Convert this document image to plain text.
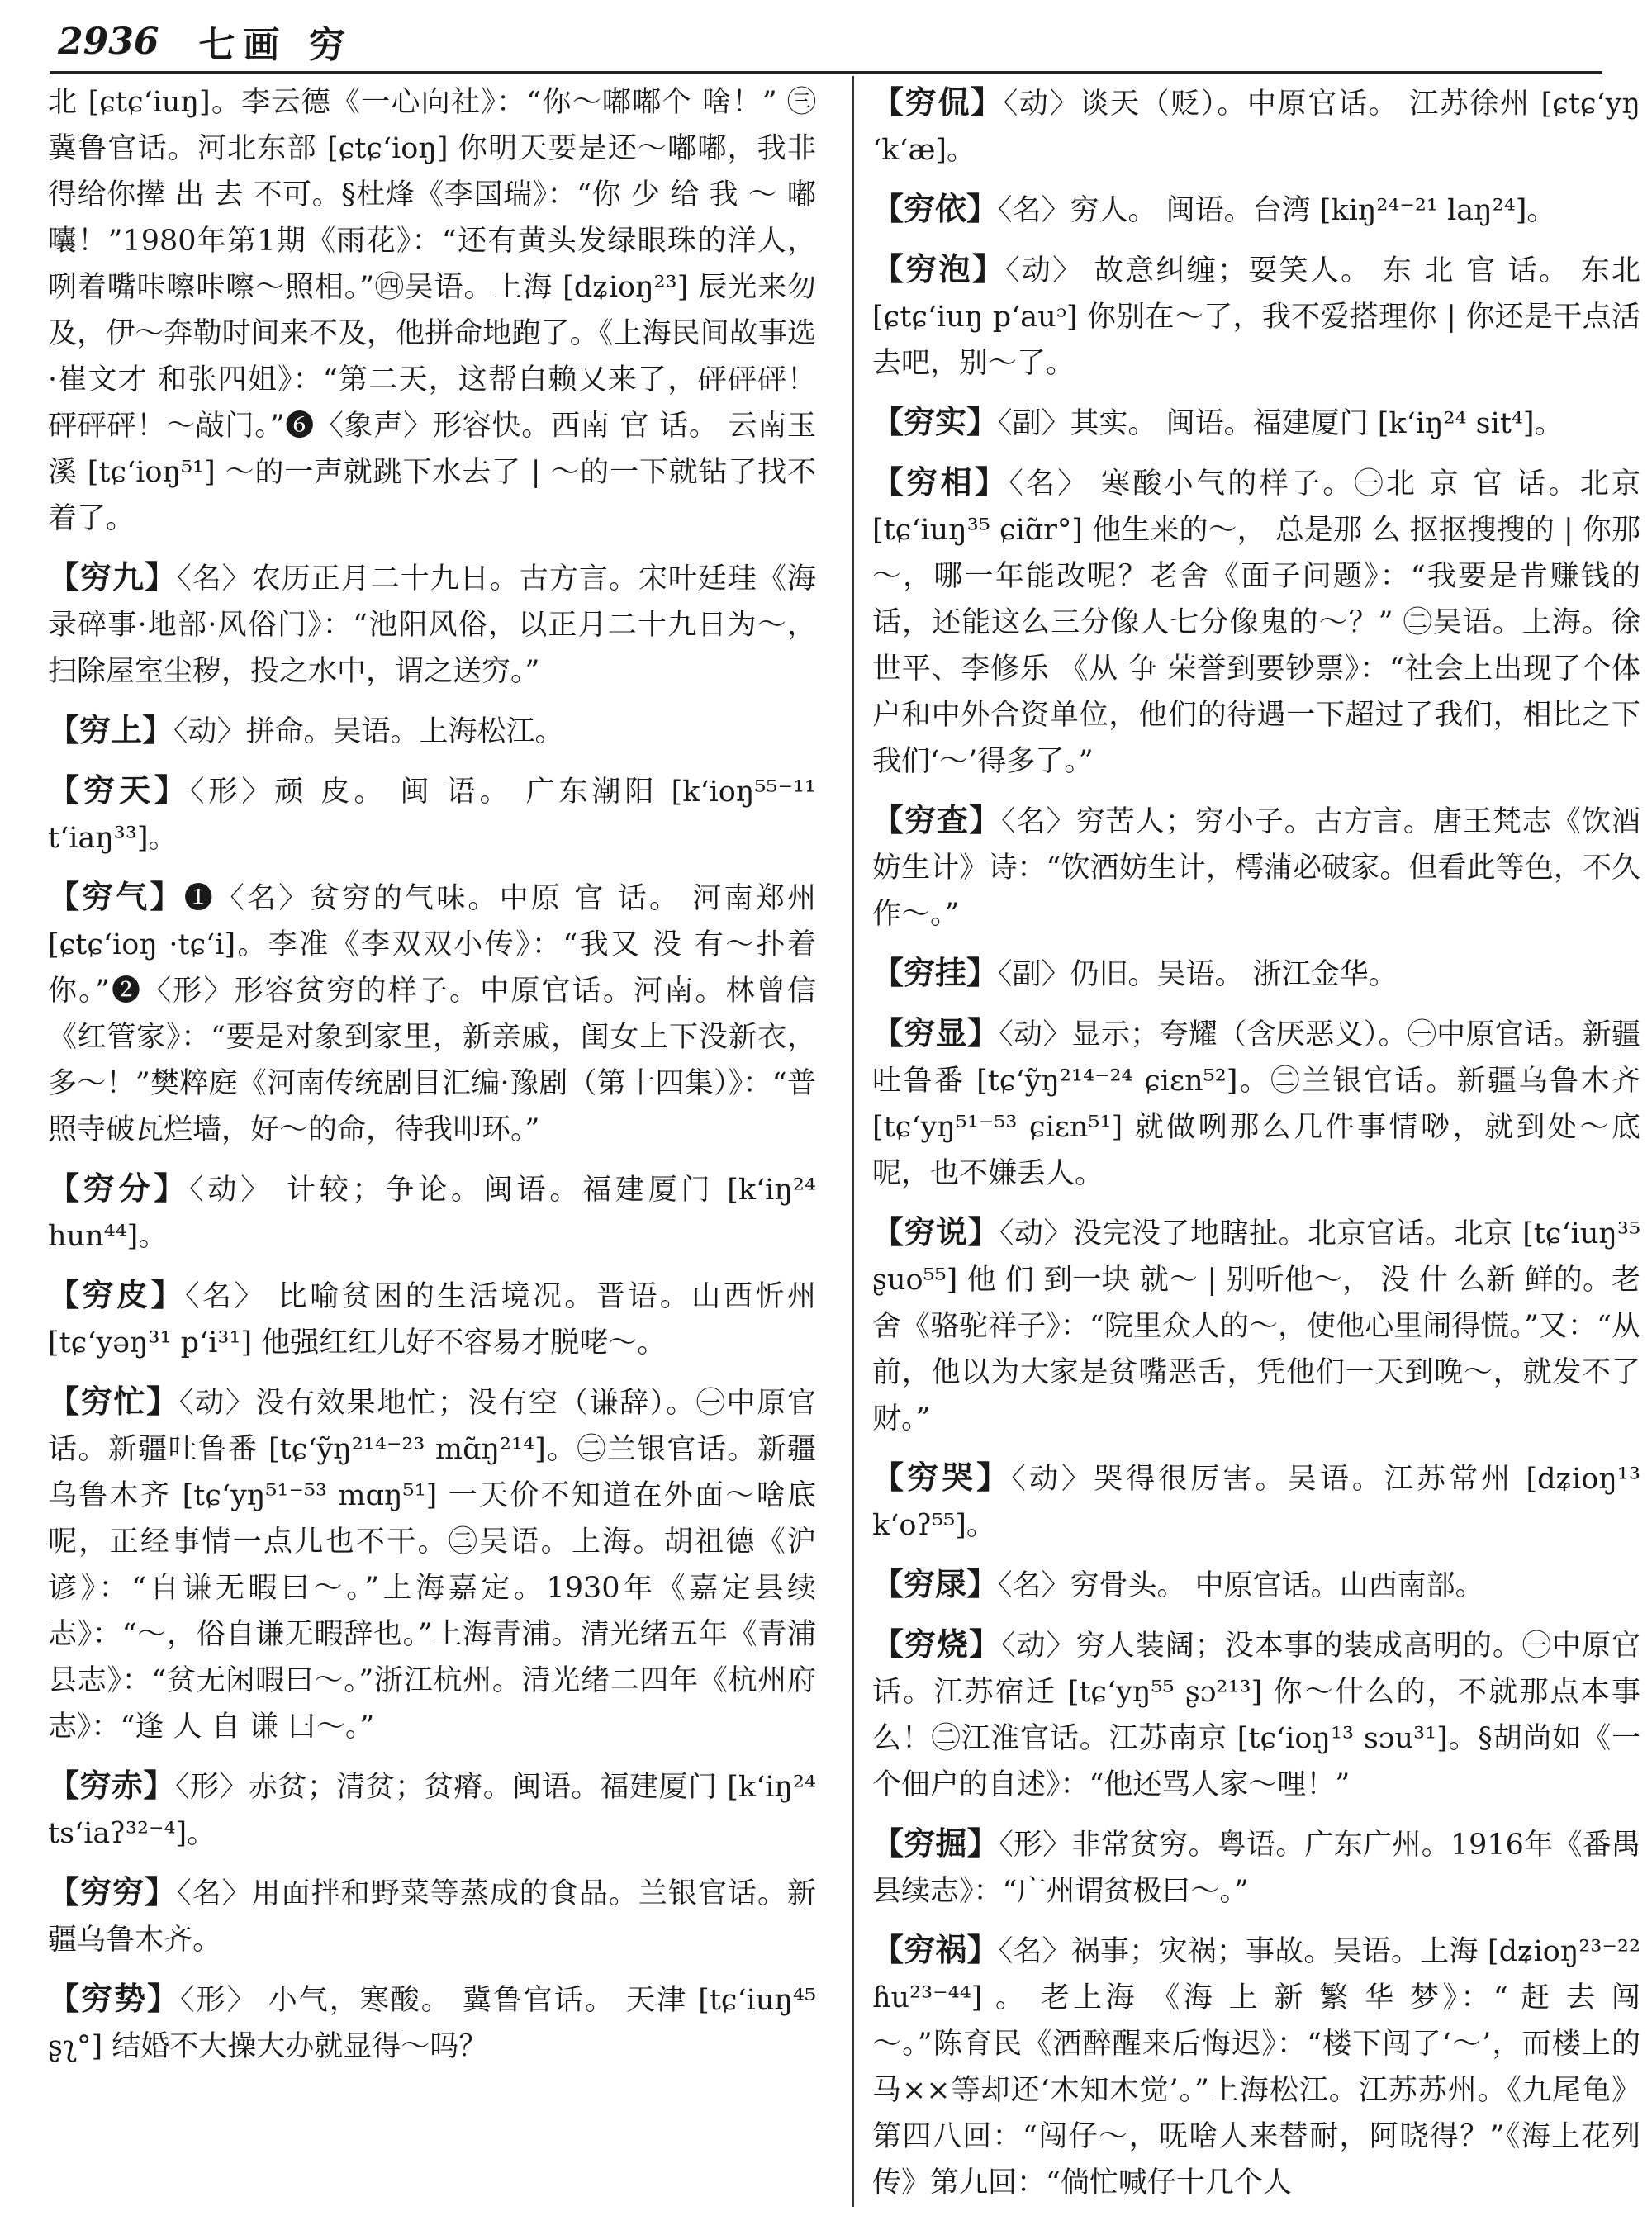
2936 七画 穷

北 [ɕtɕʻiuŋ]。李云德《一心向社》：“你～嘟嘟个 啥！” ㊂冀鲁官话。河北东部 [ɕtɕʻioŋ] 你明天要是还～嘟嘟，我非得给你撵 出 去 不可。§杜烽《李国瑞》：“你 少 给 我 ～ 嘟 囔！”1980年第1期《雨花》：“还有黄头发绿眼珠的洋人，咧着嘴咔嚓咔嚓～照相。”㊃吴语。上海 [dʑioŋ²³] 辰光来勿及，伊～奔勒时间来不及，他拼命地跑了。《上海民间故事选·崔文才 和张四姐》：“第二天，这帮白赖又来了，砰砰砰！砰砰砰！～敲门。”❻〈象声〉形容快。西南 官 话。 云南玉溪 [tɕʻioŋ⁵¹] ～的一声就跳下水去了 | ～的一下就钻了找不着了。

【穷九】〈名〉农历正月二十九日。古方言。宋叶廷珪《海录碎事·地部·风俗门》：“池阳风俗，以正月二十九日为～，扫除屋室尘秽，投之水中，谓之送穷。”

【穷上】〈动〉拼命。吴语。上海松江。

【穷天】〈形〉顽 皮。 闽 语。 广东潮阳 [kʻioŋ⁵⁵⁻¹¹ tʻiaŋ³³]。

【穷气】❶〈名〉贫穷的气味。中原 官 话。 河南郑州 [ɕtɕʻioŋ ·tɕʻi]。李准《李双双小传》：“我又 没 有～扑着你。”❷〈形〉形容贫穷的样子。中原官话。河南。林曾信《红管家》：“要是对象到家里，新亲戚，闺女上下没新衣，多～！”樊粹庭《河南传统剧目汇编·豫剧（第十四集）》：“普照寺破瓦烂墙，好～的命，待我叩环。”

【穷分】〈动〉 计较；争论。闽语。福建厦门 [kʻiŋ²⁴ hun⁴⁴]。

【穷皮】〈名〉 比喻贫困的生活境况。晋语。山西忻州 [tɕʻyəŋ³¹ pʻi³¹] 他强红红儿好不容易才脱咾～。

【穷忙】〈动〉没有效果地忙；没有空（谦辞）。㊀中原官话。新疆吐鲁番 [tɕʻỹŋ²¹⁴⁻²³ mɑ̃ŋ²¹⁴]。㊁兰银官话。新疆乌鲁木齐 [tɕʻyŋ⁵¹⁻⁵³ mɑŋ⁵¹] 一天价不知道在外面～啥底呢，正经事情一点儿也不干。㊂吴语。上海。胡祖德《沪谚》：“自谦无暇曰～。”上海嘉定。1930年《嘉定县续志》：“～，俗自谦无暇辞也。”上海青浦。清光绪五年《青浦县志》：“贫无闲暇曰～。”浙江杭州。清光绪二四年《杭州府志》：“逢 人 自 谦 曰～。”

【穷赤】〈形〉赤贫；清贫；贫瘠。闽语。福建厦门 [kʻiŋ²⁴ tsʻiaʔ³²⁻⁴]。

【穷穷】〈名〉用面拌和野菜等蒸成的食品。兰银官话。新疆乌鲁木齐。

【穷势】〈形〉 小气，寒酸。 冀鲁官话。 天津 [tɕʻiuŋ⁴⁵ ʂʅ°] 结婚不大操大办就显得～吗？

【穷侃】〈动〉谈天（贬）。中原官话。 江苏徐州 [ɕtɕʻyŋ ʻkʻæ]。

【穷依】〈名〉穷人。 闽语。台湾 [kiŋ²⁴⁻²¹ laŋ²⁴]。

【穷泡】〈动〉 故意纠缠；耍笑人。 东 北 官 话。 东北 [ɕtɕʻiuŋ pʻauᵓ] 你别在～了，我不爱搭理你 | 你还是干点活去吧，别～了。

【穷实】〈副〉其实。 闽语。福建厦门 [kʻiŋ²⁴ sit⁴]。

【穷相】〈名〉 寒酸小气的样子。㊀北 京 官 话。北京 [tɕʻiuŋ³⁵ ɕiɑ̃r°] 他生来的～， 总是那 么 抠抠搜搜的 | 你那～，哪一年能改呢？老舍《面子问题》：“我要是肯赚钱的话，还能这么三分像人七分像鬼的～？” ㊁吴语。上海。徐世平、李修乐 《从 争 荣誉到要钞票》：“社会上出现了个体户和中外合资单位，他们的待遇一下超过了我们，相比之下我们‘～’得多了。”

【穷查】〈名〉穷苦人；穷小子。古方言。唐王梵志《饮酒妨生计》诗：“饮酒妨生计，樗蒲必破家。但看此等色，不久作～。”

【穷挂】〈副〉仍旧。吴语。 浙江金华。

【穷显】〈动〉显示；夸耀（含厌恶义）。㊀中原官话。新疆吐鲁番 [tɕʻỹŋ²¹⁴⁻²⁴ ɕiɛn⁵²]。㊁兰银官话。新疆乌鲁木齐 [tɕʻyŋ⁵¹⁻⁵³ ɕiɛn⁵¹] 就做咧那么几件事情唦，就到处～底呢，也不嫌丢人。

【穷说】〈动〉没完没了地瞎扯。北京官话。北京 [tɕʻiuŋ³⁵ ʂuo⁵⁵] 他 们 到一块 就～ | 别听他～， 没 什 么新 鲜的。老舍《骆驼祥子》：“院里众人的～，使他心里闹得慌。”又：“从前，他以为大家是贫嘴恶舌，凭他们一天到晚～，就发不了财。”

【穷哭】〈动〉哭得很厉害。吴语。江苏常州 [dʑioŋ¹³ kʻoʔ⁵⁵]。

【穷㞗】〈名〉穷骨头。 中原官话。山西南部。

【穷烧】〈动〉穷人装阔；没本事的装成高明的。㊀中原官话。江苏宿迁 [tɕʻyŋ⁵⁵ ʂɔ²¹³] 你～什么的，不就那点本事么！㊁江淮官话。江苏南京 [tɕʻioŋ¹³ sɔu³¹]。§胡尚如《一个佃户的自述》：“他还骂人家～哩！”

【穷掘】〈形〉非常贫穷。粤语。广东广州。1916年《番禺县续志》：“广州谓贫极曰～。”

【穷祸】〈名〉祸事；灾祸；事故。吴语。上海 [dʑioŋ²³⁻²² ɦu²³⁻⁴⁴] 。 老上海 《海 上 新 繁 华 梦》：“ 赶 去 闯 ～。”陈育民《酒醉醒来后悔迟》：“楼下闯了‘～’，而楼上的马××等却还‘木知木觉’。”上海松江。江苏苏州。《九尾龟》第四八回：“闯仔～，呒啥人来替耐，阿晓得？”《海上花列传》第九回：“倘忙喊仔十几个人
